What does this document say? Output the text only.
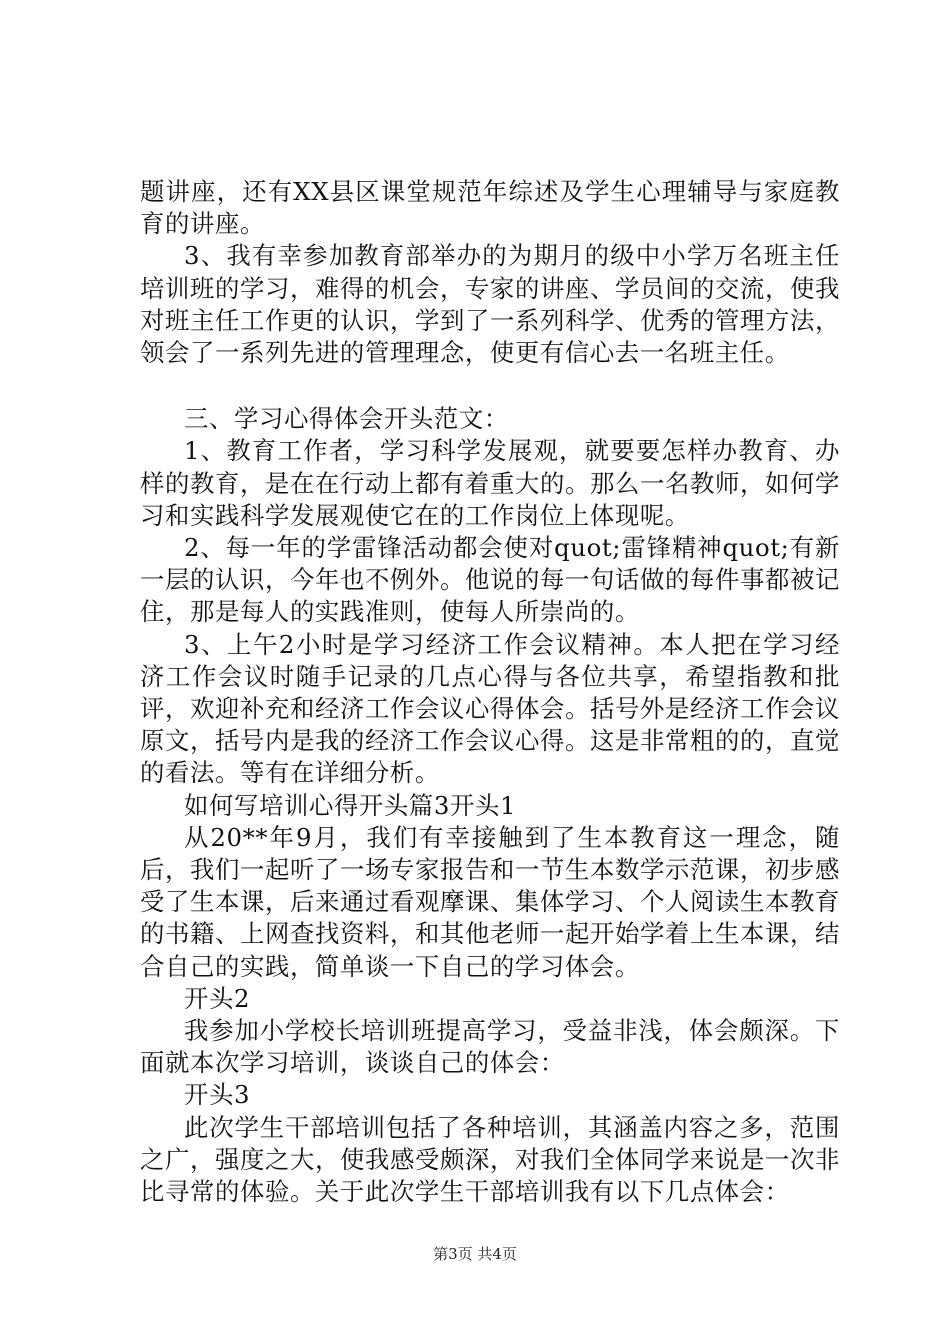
题讲座，还有XX县区课堂规范年综述及学生心理辅导与家庭教育的讲座。

3、我有幸参加教育部举办的为期月的级中小学万名班主任培训班的学习，难得的机会，专家的讲座、学员间的交流，使我对班主任工作更的认识，学到了一系列科学、优秀的管理方法，领会了一系列先进的管理理念，使更有信心去一名班主任。

三、学习心得体会开头范文：

1、教育工作者，学习科学发展观，就要要怎样办教育、办样的教育，是在在行动上都有着重大的。那么一名教师，如何学习和实践科学发展观使它在的工作岗位上体现呢。

2、每一年的学雷锋活动都会使对quot;雷锋精神quot;有新一层的认识，今年也不例外。他说的每一句话做的每件事都被记住，那是每人的实践准则，使每人所崇尚的。

3、上午2小时是学习经济工作会议精神。本人把在学习经济工作会议时随手记录的几点心得与各位共享，希望指教和批评，欢迎补充和经济工作会议心得体会。括号外是经济工作会议原文，括号内是我的经济工作会议心得。这是非常粗的的，直觉的看法。等有在详细分析。

如何写培训心得开头篇3开头1

从20**年9月，我们有幸接触到了生本教育这一理念，随后，我们一起听了一场专家报告和一节生本数学示范课，初步感受了生本课，后来通过看观摩课、集体学习、个人阅读生本教育的书籍、上网查找资料，和其他老师一起开始学着上生本课，结合自己的实践，简单谈一下自己的学习体会。

开头2

我参加小学校长培训班提高学习，受益非浅，体会颇深。下面就本次学习培训，谈谈自己的体会：

开头3

此次学生干部培训包括了各种培训，其涵盖内容之多，范围之广，强度之大，使我感受颇深，对我们全体同学来说是一次非比寻常的体验。关于此次学生干部培训我有以下几点体会：

第3页 共4页
